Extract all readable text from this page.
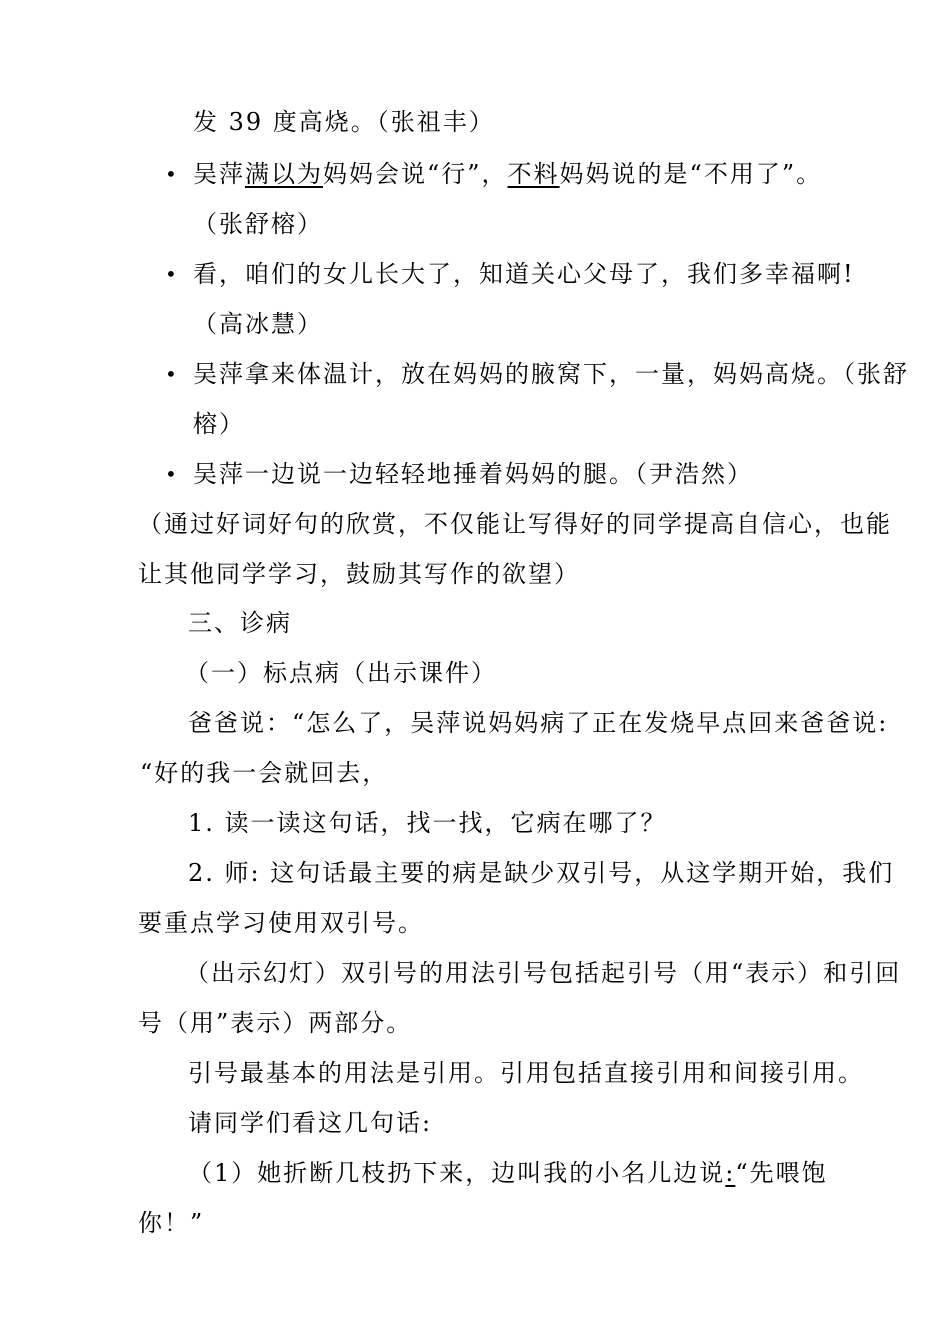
发 39 度高烧。（张祖丰）
• 吴萍满以为妈妈会说“行”，不料妈妈说的是“不用了”。
（张舒榕）
• 看，咱们的女儿长大了，知道关心父母了，我们多幸福啊!
（高冰慧）
• 吴萍拿来体温计，放在妈妈的腋窝下，一量，妈妈高烧。（张舒
榕）
• 吴萍一边说一边轻轻地捶着妈妈的腿。（尹浩然）
（通过好词好句的欣赏，不仅能让写得好的同学提高自信心，也能
让其他同学学习，鼓励其写作的欲望）
三、诊病
（一）标点病（出示课件）
爸爸说：“怎么了，吴萍说妈妈病了正在发烧早点回来爸爸说:
“好的我一会就回去，
1. 读一读这句话，找一找，它病在哪了？
2. 师: 这句话最主要的病是缺少双引号，从这学期开始，我们
要重点学习使用双引号。
（出示幻灯）双引号的用法引号包括起引号（用“表示）和引回
号（用”表示）两部分。
引号最基本的用法是引用。引用包括直接引用和间接引用。
请同学们看这几句话:
（1）她折断几枝扔下来，边叫我的小名儿边说:“先喂饱
你！”
